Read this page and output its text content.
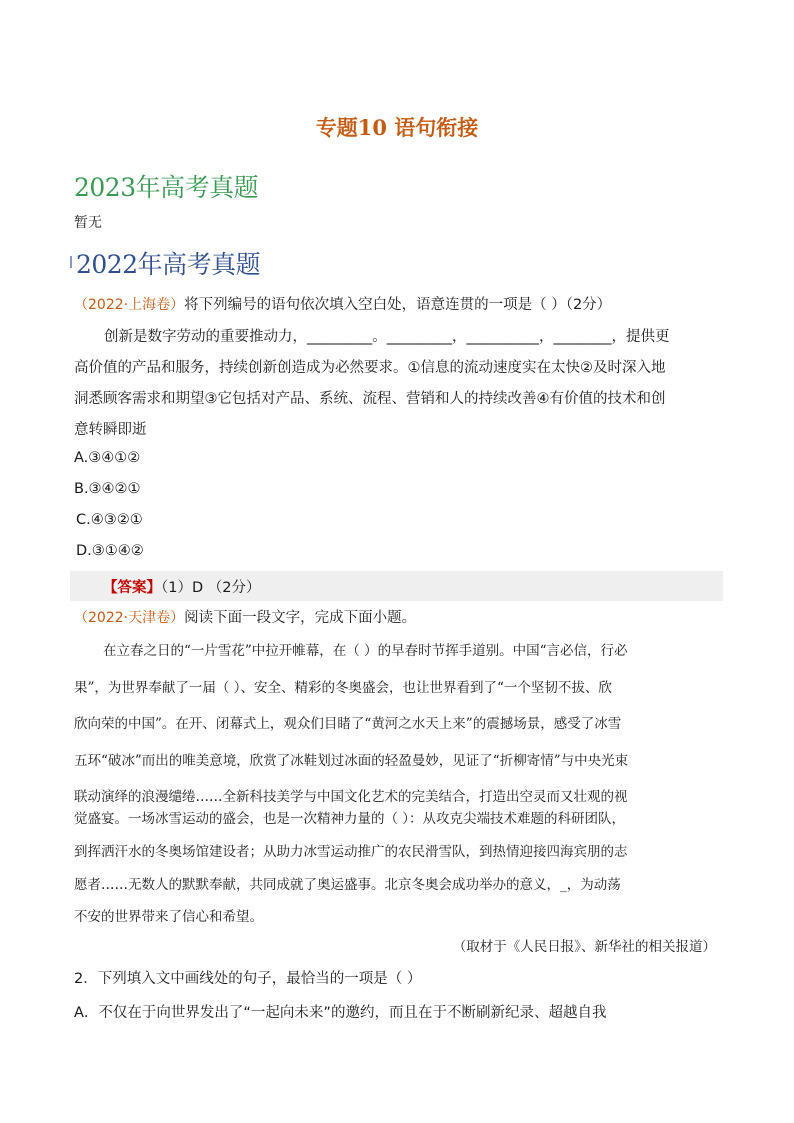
专题10 语句衔接
2023年高考真题
暂无
2022年高考真题
（2022·上海卷）将下列编号的语句依次填入空白处，语意连贯的一项是（ ）（2分）
创新是数字劳动的重要推动力，_________。_________，__________，________，提供更
高价值的产品和服务，持续创新创造成为必然要求。①信息的流动速度实在太快②及时深入地
洞悉顾客需求和期望③它包括对产品、系统、流程、营销和人的持续改善④有价值的技术和创
意转瞬即逝
A.③④①②
B.③④②①
C.④③②①
D.③①④②
【答案】（1）D （2分）
（2022·天津卷）阅读下面一段文字，完成下面小题。
在立春之日的“一片雪花”中拉开帷幕，在（ ）的早春时节挥手道别。中国“言必信，行必
果”，为世界奉献了一届（ ）、安全、精彩的冬奥盛会，也让世界看到了“一个坚韧不拔、欣
欣向荣的中国”。在开、闭幕式上，观众们目睹了“黄河之水天上来”的震撼场景，感受了冰雪
五环“破冰”而出的唯美意境，欣赏了冰鞋划过冰面的轻盈曼妙，见证了“折柳寄情”与中央光束
联动演绎的浪漫缱绻……全新科技美学与中国文化艺术的完美结合，打造出空灵而又壮观的视
觉盛宴。一场冰雪运动的盛会，也是一次精神力量的（ ）：从攻克尖端技术难题的科研团队，
到挥洒汗水的冬奥场馆建设者；从助力冰雪运动推广的农民滑雪队，到热情迎接四海宾朋的志
愿者……无数人的默默奉献，共同成就了奥运盛事。北京冬奥会成功举办的意义，_，为动荡
不安的世界带来了信心和希望。
（取材于《人民日报》、新华社的相关报道）
2．下列填入文中画线处的句子，最恰当的一项是（ ）
A．不仅在于向世界发出了“一起向未来”的邀约，而且在于不断刷新纪录、超越自我
